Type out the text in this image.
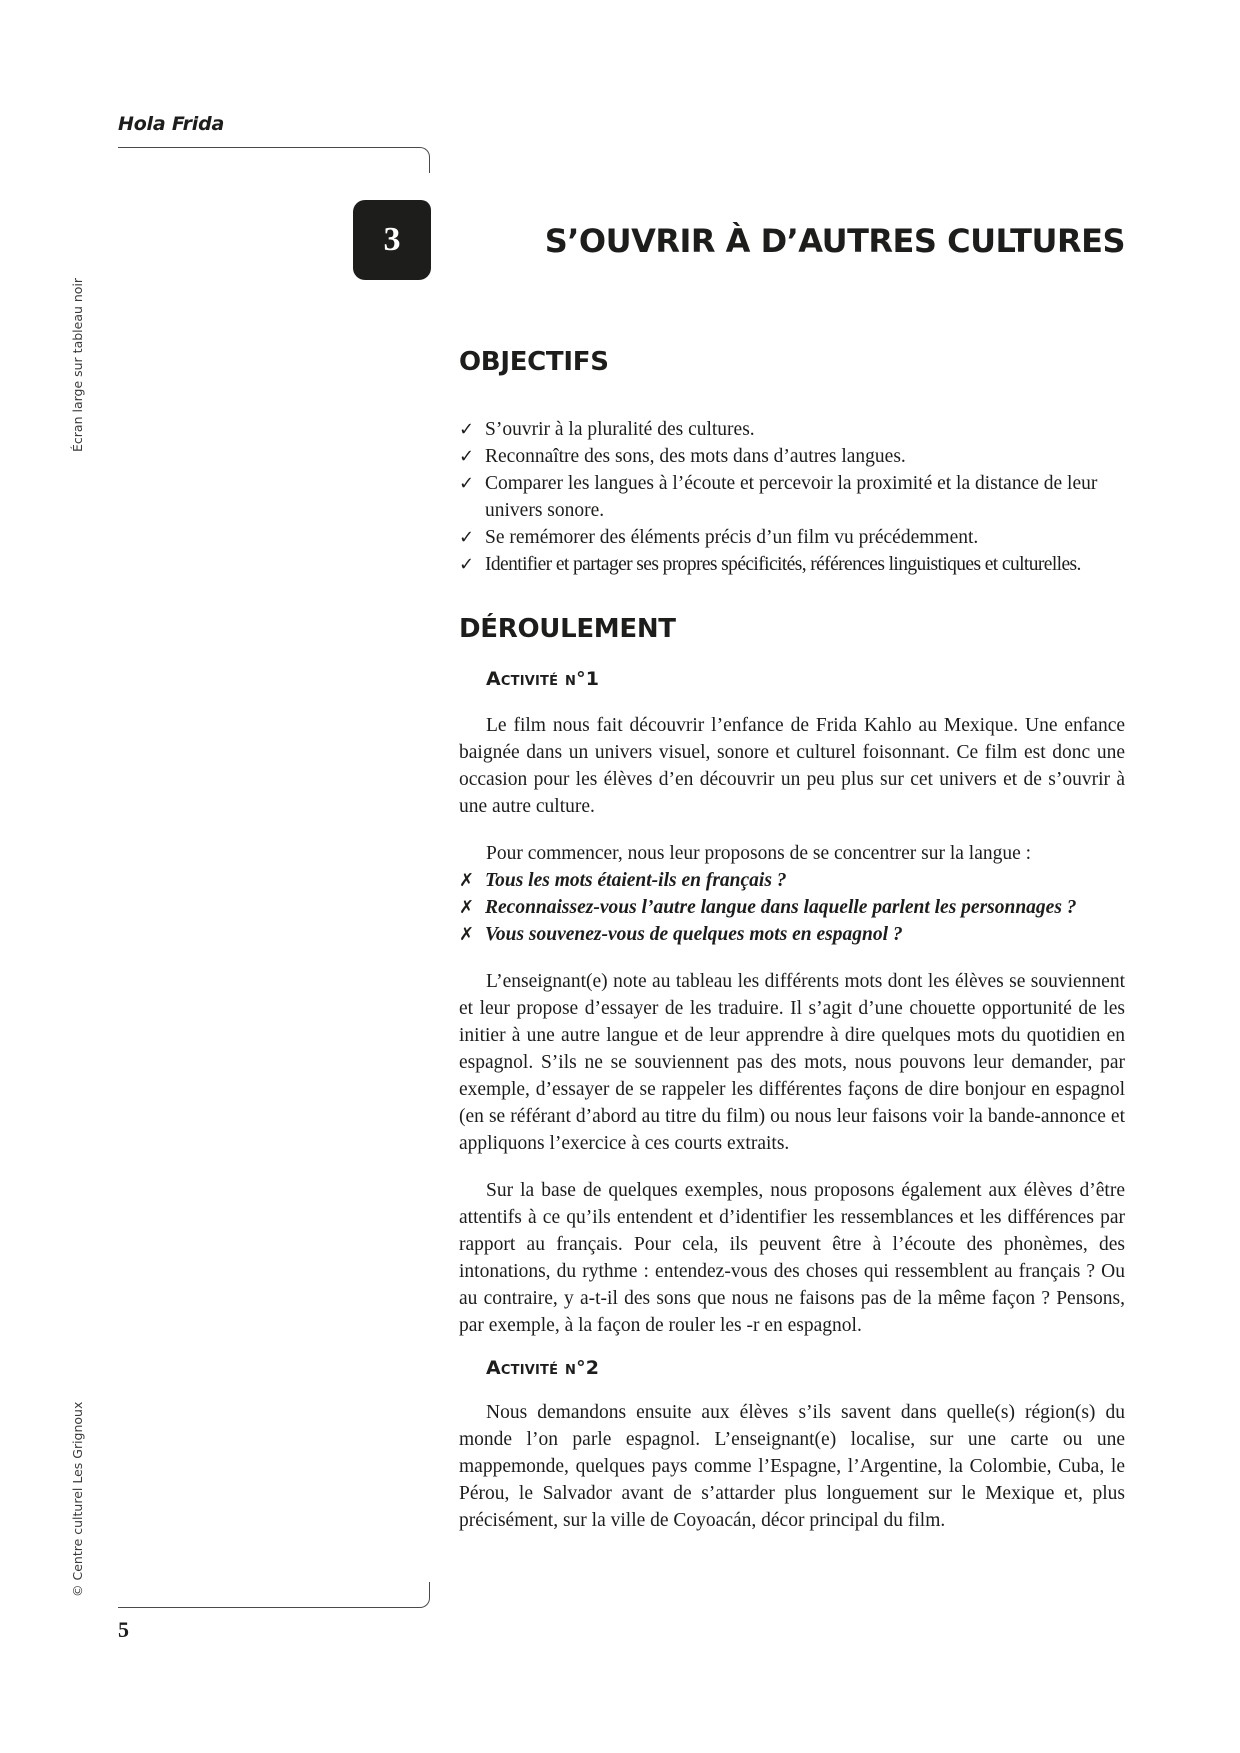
Hola Frida
Écran large sur tableau noir
© Centre culturel Les Grignoux
3	S’OUVRIR À D’AUTRES CULTURES
OBJECTIFS
✓ S’ouvrir à la pluralité des cultures.
✓ Reconnaître des sons, des mots dans d’autres langues.
✓ Comparer les langues à l’écoute et percevoir la proximité et la distance de leur univers sonore.
✓ Se remémorer des éléments précis d’un film vu précédemment.
✓ Identifier et partager ses propres spécificités, références linguistiques et culturelles.
DÉROULEMENT
Activité n°1

Le film nous fait découvrir l’enfance de Frida Kahlo au Mexique. Une enfance baignée dans un univers visuel, sonore et culturel foisonnant. Ce film est donc une occasion pour les élèves d’en découvrir un peu plus sur cet univers et de s’ouvrir à une autre culture.

Pour commencer, nous leur proposons de se concentrer sur la langue :

✗ Tous les mots étaient-ils en français ?
✗ Reconnaissez-vous l’autre langue dans laquelle parlent les personnages ?
✗ Vous souvenez-vous de quelques mots en espagnol ?

L’enseignant(e) note au tableau les différents mots dont les élèves se souviennent et leur propose d’essayer de les traduire. Il s’agit d’une chouette opportunité de les initier à une autre langue et de leur apprendre à dire quelques mots du quotidien en espagnol. S’ils ne se souviennent pas des mots, nous pouvons leur demander, par exemple, d’essayer de se rappeler les différentes façons de dire bonjour en espagnol (en se référant d’abord au titre du film) ou nous leur faisons voir la bande-annonce et appliquons l’exercice à ces courts extraits.

Sur la base de quelques exemples, nous proposons également aux élèves d’être attentifs à ce qu’ils entendent et d’identifier les ressemblances et les différences par rapport au français. Pour cela, ils peuvent être à l’écoute des phonèmes, des intonations, du rythme : entendez-vous des choses qui ressemblent au français ? Ou au contraire, y a-t-il des sons que nous ne faisons pas de la même façon ? Pensons, par exemple, à la façon de rouler les -r en espagnol.

Activité n°2

Nous demandons ensuite aux élèves s’ils savent dans quelle(s) région(s) du monde l’on parle espagnol. L’enseignant(e) localise, sur une carte ou une mappemonde, quelques pays comme l’Espagne, l’Argentine, la Colombie, Cuba, le Pérou, le Salvador avant de s’attarder plus longuement sur le Mexique et, plus précisément, sur la ville de Coyoacán, décor principal du film.

5
